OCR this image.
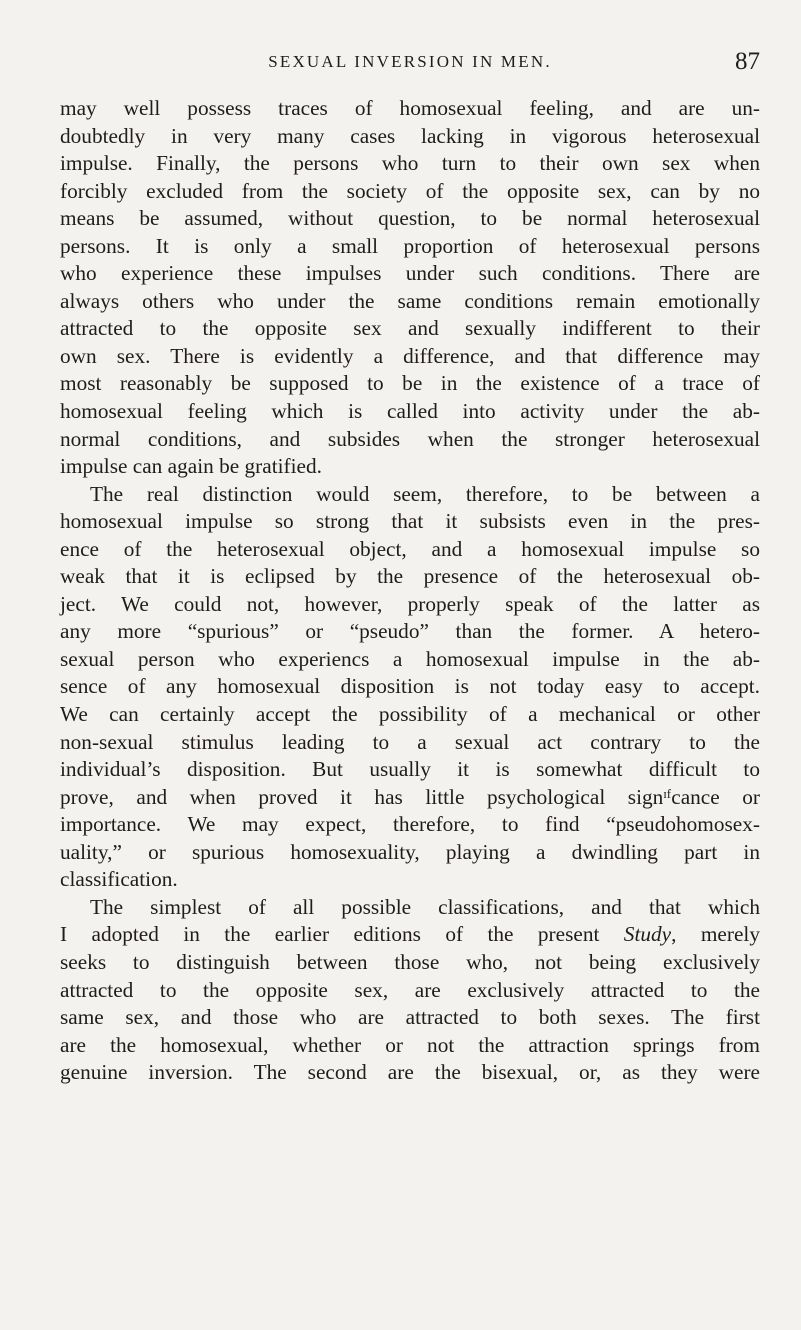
SEXUAL INVERSION IN MEN.	87
may well possess traces of homosexual feeling, and are un-
doubtedly in very many cases lacking in vigorous heterosexual
impulse. Finally, the persons who turn to their own sex when
forcibly excluded from the society of the opposite sex, can by no
means be assumed, without question, to be normal heterosexual
persons. It is only a small proportion of heterosexual persons
who experience these impulses under such conditions. There are
always others who under the same conditions remain emotionally
attracted to the opposite sex and sexually indifferent to their
own sex. There is evidently a difference, and that difference may
most reasonably be supposed to be in the existence of a trace of
homosexual feeling which is called into activity under the ab-
normal conditions, and subsides when the stronger heterosexual
impulse can again be gratified.
The real distinction would seem, therefore, to be between a
homosexual impulse so strong that it subsists even in the pres-
ence of the heterosexual object, and a homosexual impulse so
weak that it is eclipsed by the presence of the heterosexual ob-
ject. We could not, however, properly speak of the latter as
any more “spurious” or “pseudo” than the former. A hetero-
sexual person who experiencs a homosexual impulse in the ab-
sence of any homosexual disposition is not today easy to accept.
We can certainly accept the possibility of a mechanical or other
non-sexual stimulus leading to a sexual act contrary to the
individual’s disposition. But usually it is somewhat difficult to
prove, and when proved it has little psychological signᶦᶠcance or
importance. We may expect, therefore, to find “pseudohomosex-
uality,” or spurious homosexuality, playing a dwindling part in
classification.
The simplest of all possible classifications, and that which
I adopted in the earlier editions of the present Study, merely
seeks to distinguish between those who, not being exclusively
attracted to the opposite sex, are exclusively attracted to the
same sex, and those who are attracted to both sexes. The first
are the homosexual, whether or not the attraction springs from
genuine inversion. The second are the bisexual, or, as they were
